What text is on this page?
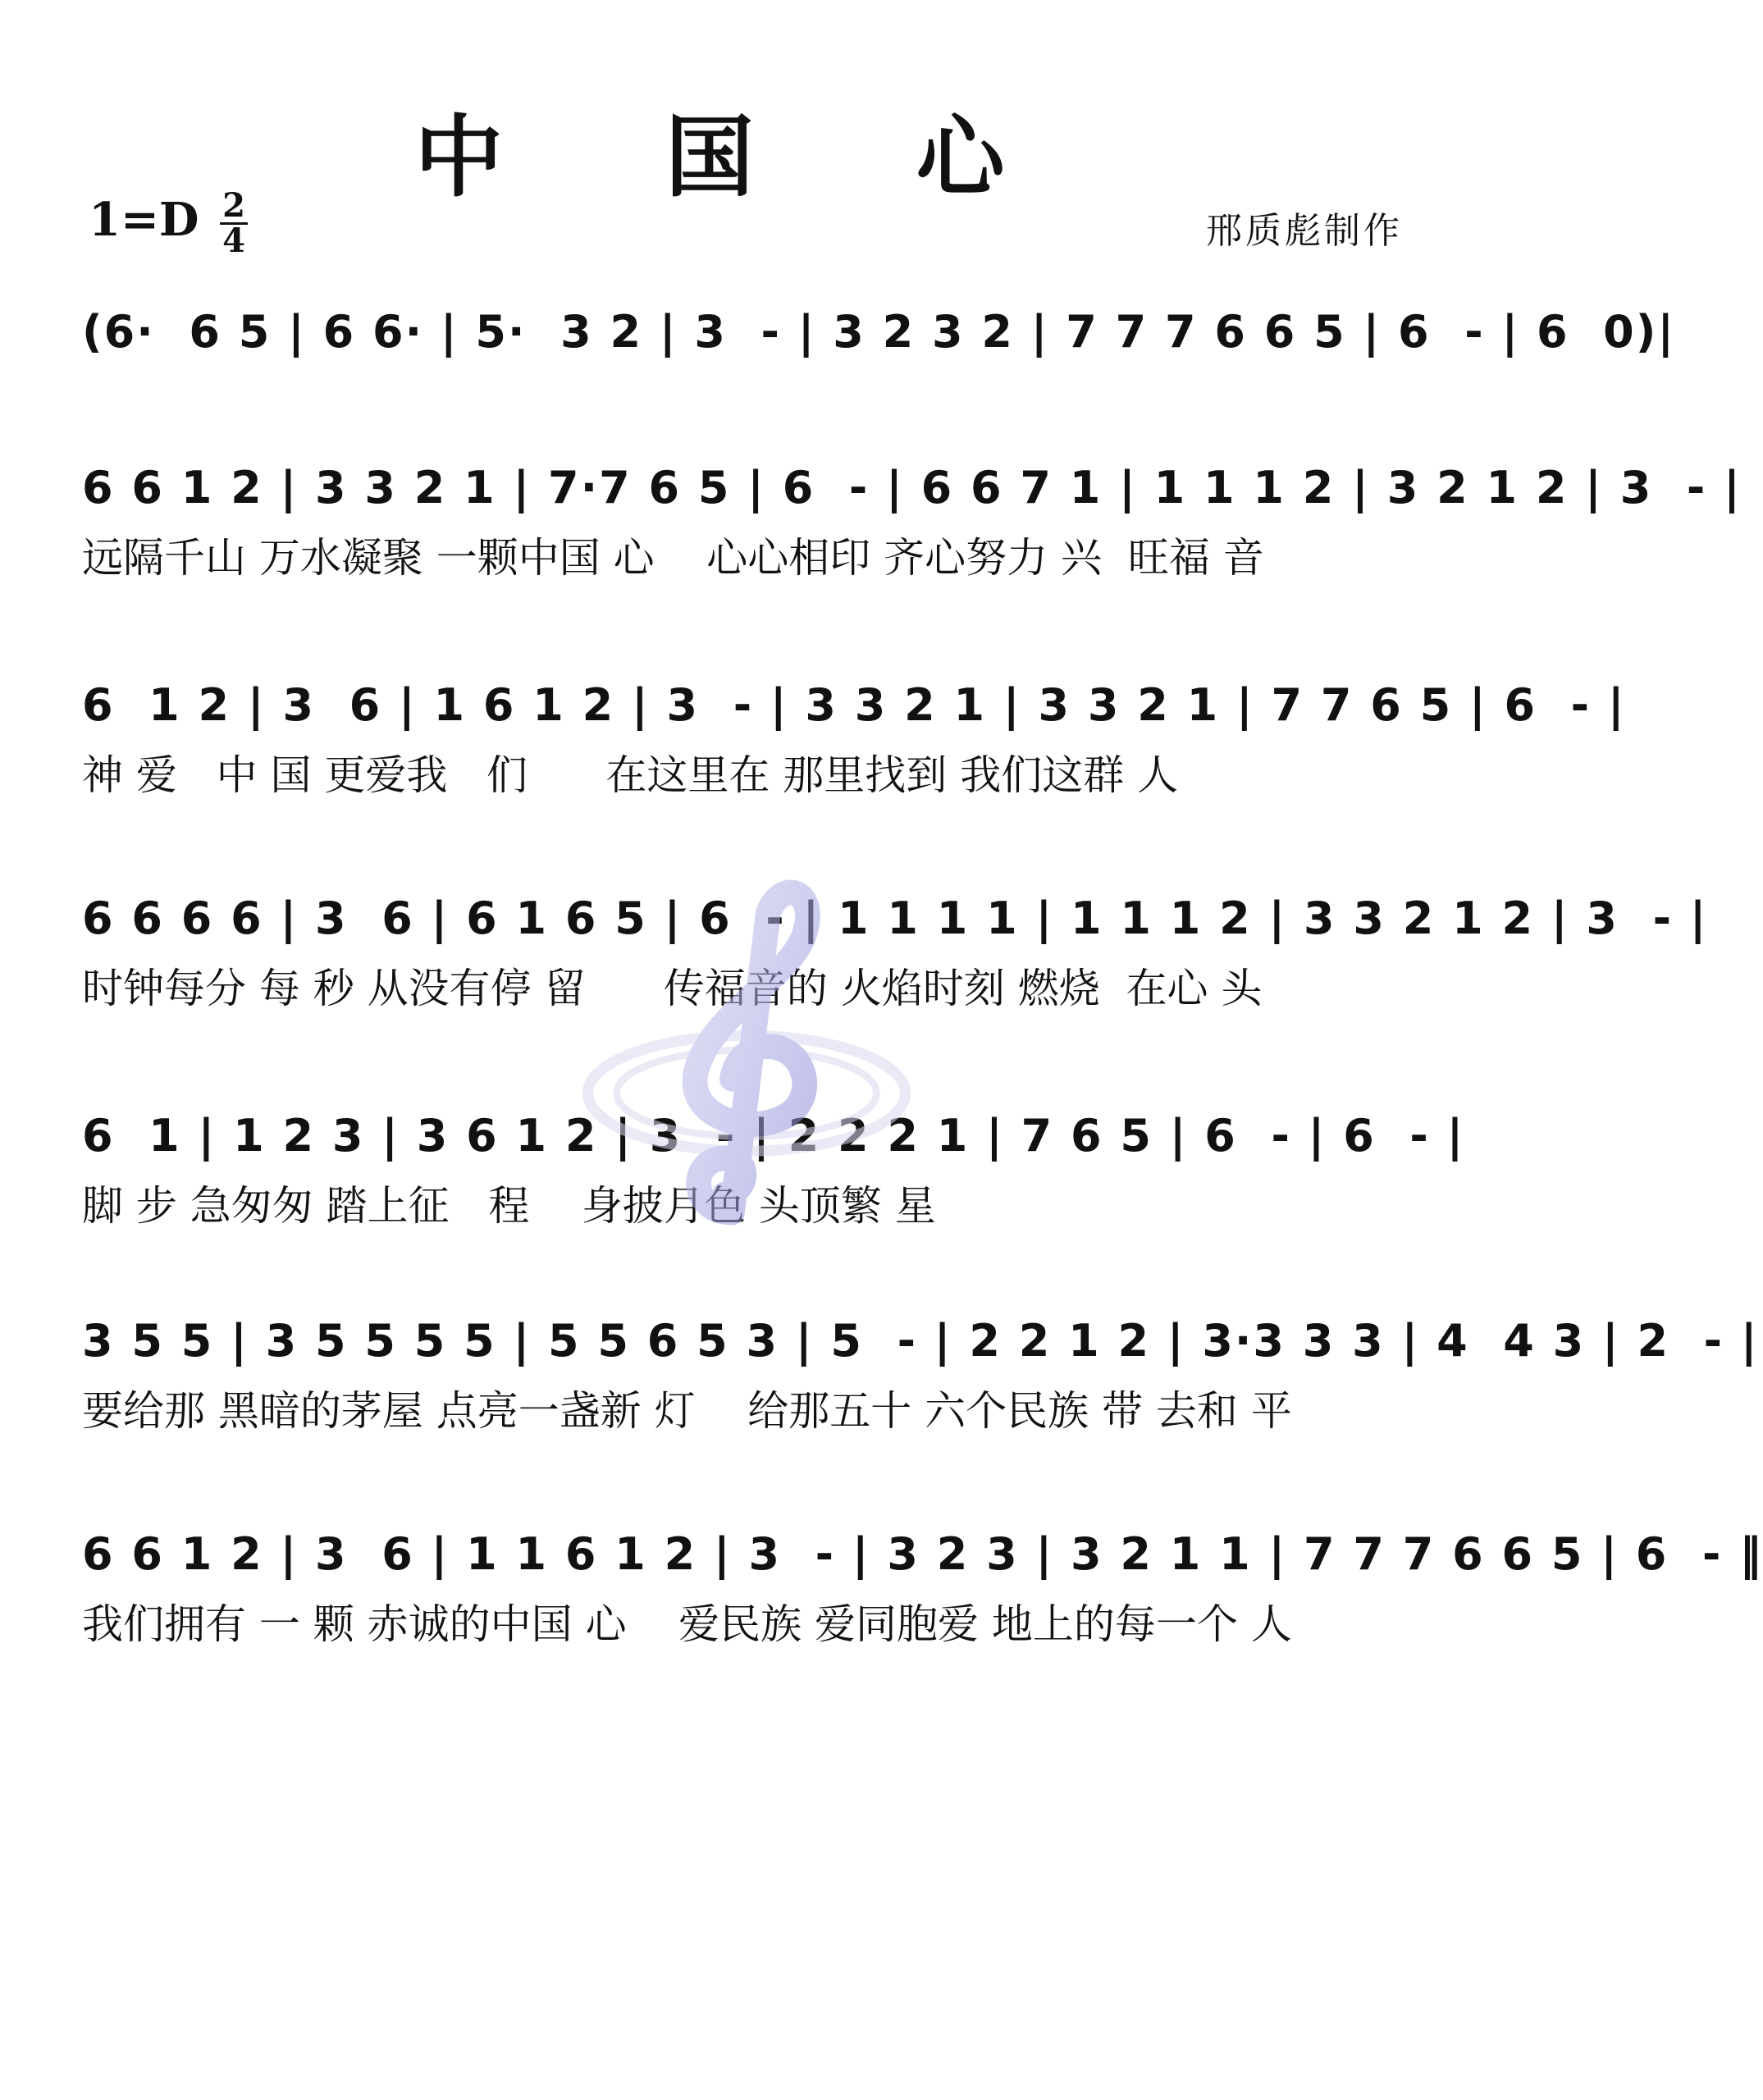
中 国 心
1=D 2
4	邢质彪制作
(6·  6 5 | 6 6· | 5·  3 2 | 3  - | 3 2 3 2 | 7 7 7 6 6 5 | 6  - | 6  0)|
6 6 1 2 | 3 3 2 1 | 7·7 6 5 | 6  - | 6 6 7 1 | 1 1 1 2 | 3 2 1 2 | 3  - |
远隔千山 万水凝聚 一颗中国 心    心心相印 齐心努力 兴  旺福 音
6  1 2 | 3  6 | 1 6 1 2 | 3  - | 3 3 2 1 | 3 3 2 1 | 7 7 6 5 | 6  - |
神 爱   中 国 更爱我   们      在这里在 那里找到 我们这群 人
6 6 6 6 | 3  6 | 6 1 6 5 | 6  - | 1 1 1 1 | 1 1 1 2 | 3 3 2 1 2 | 3  - |
时钟每分 每 秒 从没有停 留      传福音的 火焰时刻 燃烧  在心 头
6  1 | 1 2 3 | 3 6 1 2 | 3  - | 2 2 2 1 | 7 6 5 | 6  - | 6  - |
脚 步 急匆匆 踏上征   程    身披月色 头顶繁 星
3 5 5 | 3 5 5 5 5 | 5 5 6 5 3 | 5  - | 2 2 1 2 | 3·3 3 3 | 4  4 3 | 2  - |
要给那 黑暗的茅屋 点亮一盏新 灯    给那五十 六个民族 带 去和 平
6 6 1 2 | 3  6 | 1 1 6 1 2 | 3  - | 3 2 3 | 3 2 1 1 | 7 7 7 6 6 5 | 6  - ‖
我们拥有 一 颗 赤诚的中国 心    爱民族 爱同胞爱 地上的每一个 人
